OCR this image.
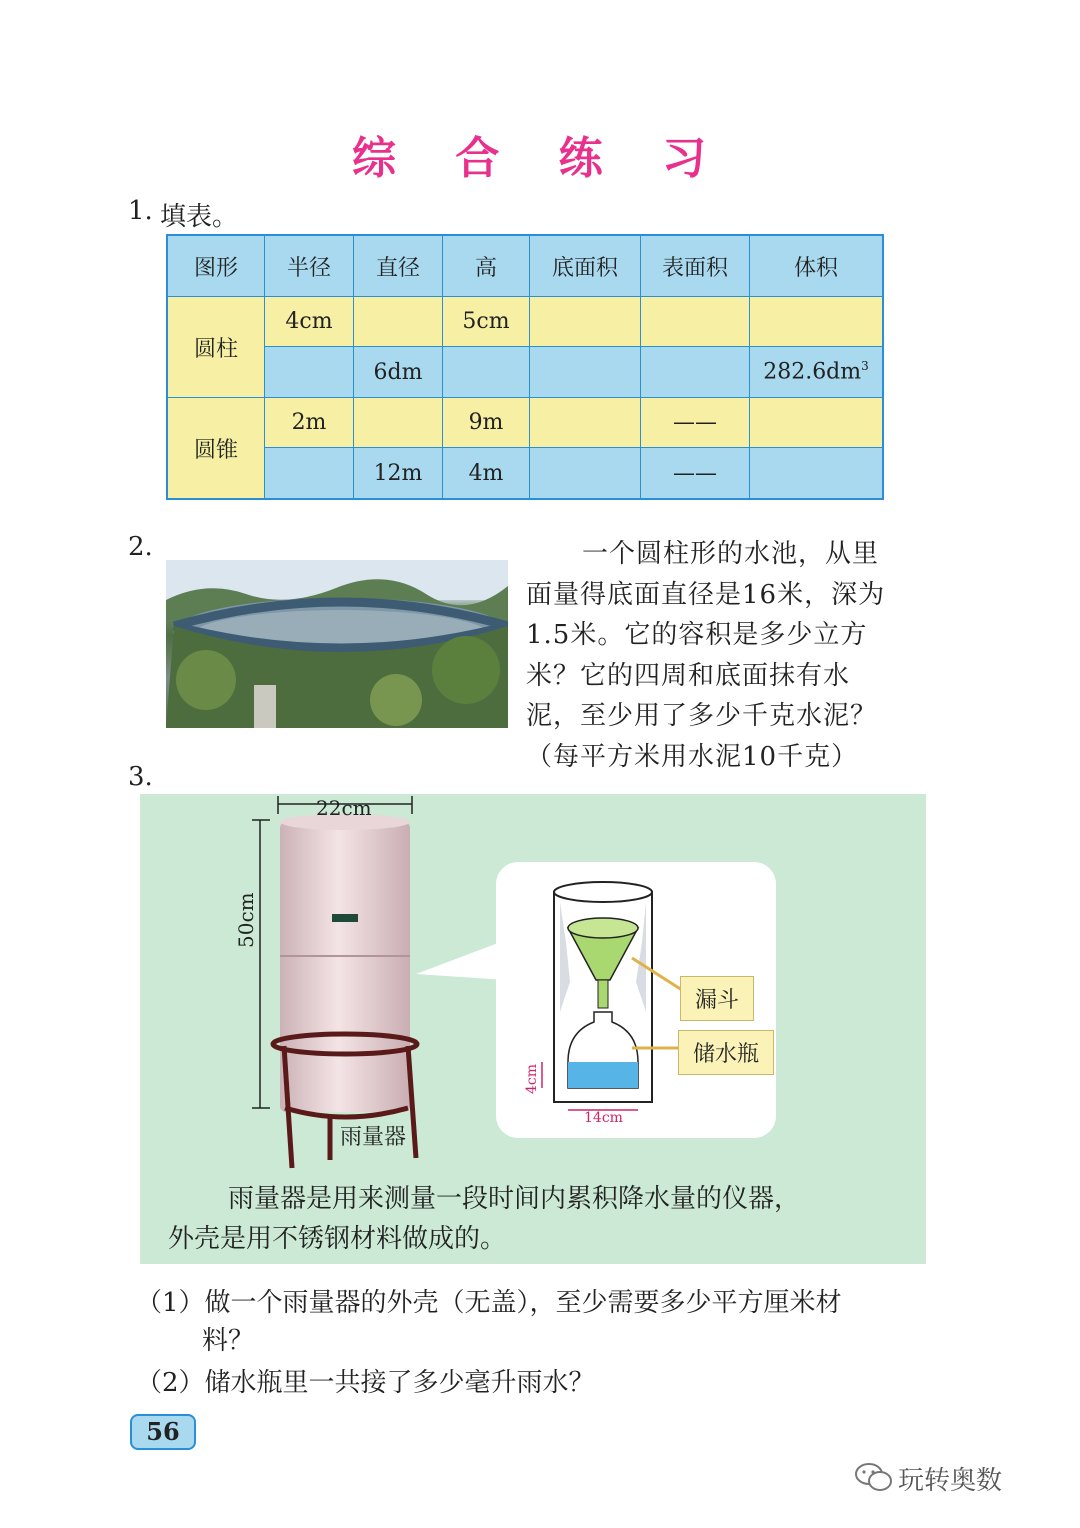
综 合 练 习
1. 填表。
图形	半径	直径	高	底面积	表面积	体积
圆柱	4cm		5cm			
		6dm				$282.6dm^3$
圆锥	2m		9m		——	
		12m	4m		——	
2.	一个圆柱形的水池，从里
面量得底面直径是16米，深为
1.5米。它的容积是多少立方
米？它的四周和底面抹有水
泥，至少用了多少千克水泥？
（每平方米用水泥10千克）
3.
22cm
50cm
雨量器
漏斗
储水瓶
4cm
14cm
雨量器是用来测量一段时间内累积降水量的仪器，
外壳是用不锈钢材料做成的。
（1）做一个雨量器的外壳（无盖），至少需要多少平方厘米材
料？
（2）储水瓶里一共接了多少毫升雨水？
56
玩转奥数
